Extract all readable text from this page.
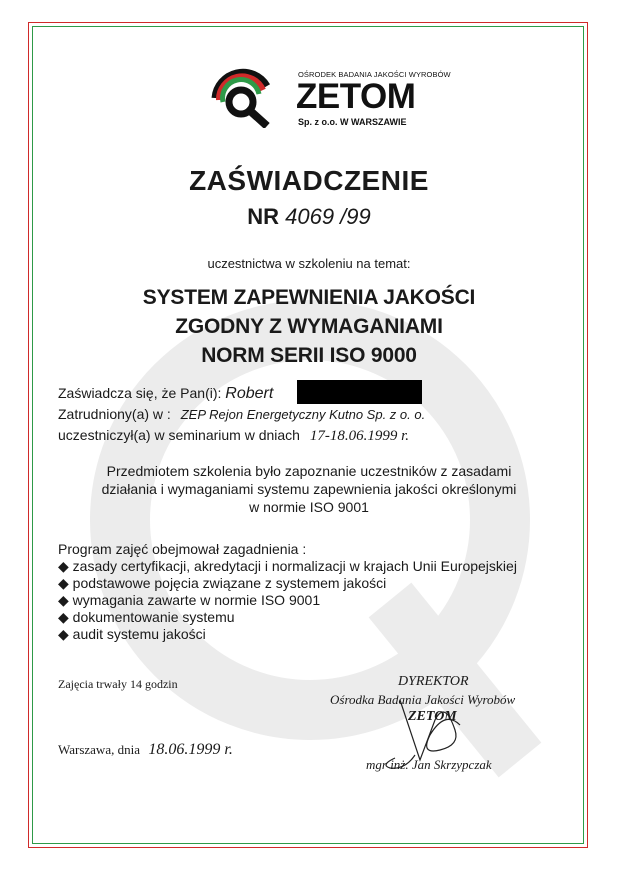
OŚRODEK BADANIA JAKOŚCI WYROBÓW
ZETOM
Sp. z o.o. W WARSZAWIE
ZAŚWIADCZENIE
NR 4069 /99
uczestnictwa w szkoleniu na temat:
SYSTEM ZAPEWNIENIA JAKOŚCI
ZGODNY Z WYMAGANIAMI
NORM SERII ISO 9000
Zaświadcza się, że Pan(i): Robert
Zatrudniony(a) w : ZEP Rejon Energetyczny Kutno Sp. z o. o.
uczestniczył(a) w seminarium w dniach 17-18.06.1999 r.
Przedmiotem szkolenia było zapoznanie uczestników z zasadami
działania i wymaganiami systemu zapewnienia jakości określonymi
w normie ISO 9001
Program zajęć obejmował zagadnienia :
◆ zasady certyfikacji, akredytacji i normalizacji w krajach Unii Europejskiej
◆ podstawowe pojęcia związane z systemem jakości
◆ wymagania zawarte w normie ISO 9001
◆ dokumentowanie systemu
◆ audit systemu jakości
Zajęcia trwały 14 godzin	DYREKTOR
Ośrodka Badania Jakości Wyrobów
ZETOM
mgr inż. Jan Skrzypczak
Warszawa, dnia 18.06.1999 r.
